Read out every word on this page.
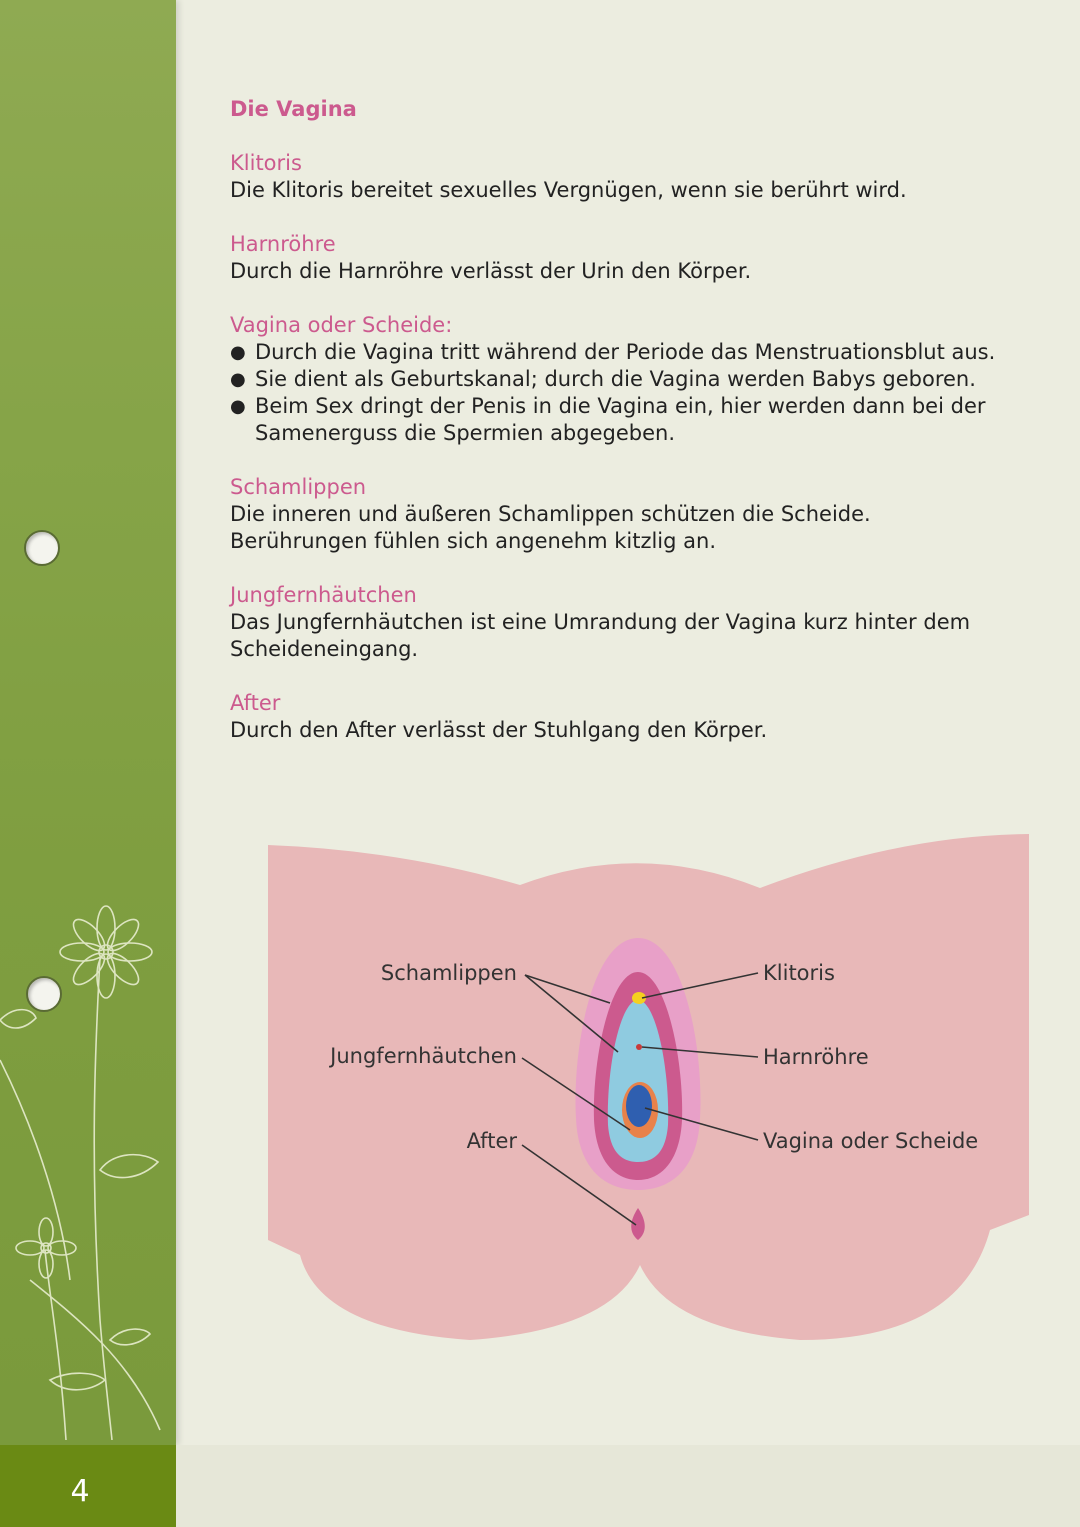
4
Die Vagina
Klitoris
Die Klitoris bereitet sexuelles Vergnügen, wenn sie berührt wird.
Harnröhre
Durch die Harnröhre verlässt der Urin den Körper.
Vagina oder Scheide:
● Durch die Vagina tritt während der Periode das Menstruationsblut aus.
● Sie dient als Geburtskanal; durch die Vagina werden Babys geboren.
● Beim Sex dringt der Penis in die Vagina ein, hier werden dann bei der Samenerguss die Spermien abgegeben.
Schamlippen
Die inneren und äußeren Schamlippen schützen die Scheide.
Berührungen fühlen sich angenehm kitzlig an.
Jungfernhäutchen
Das Jungfernhäutchen ist eine Umrandung der Vagina kurz hinter dem Scheideneingang.
After
Durch den After verlässt der Stuhlgang den Körper.
Schamlippen
Jungfernhäutchen
After
Klitoris
Harnröhre
Vagina oder Scheide
